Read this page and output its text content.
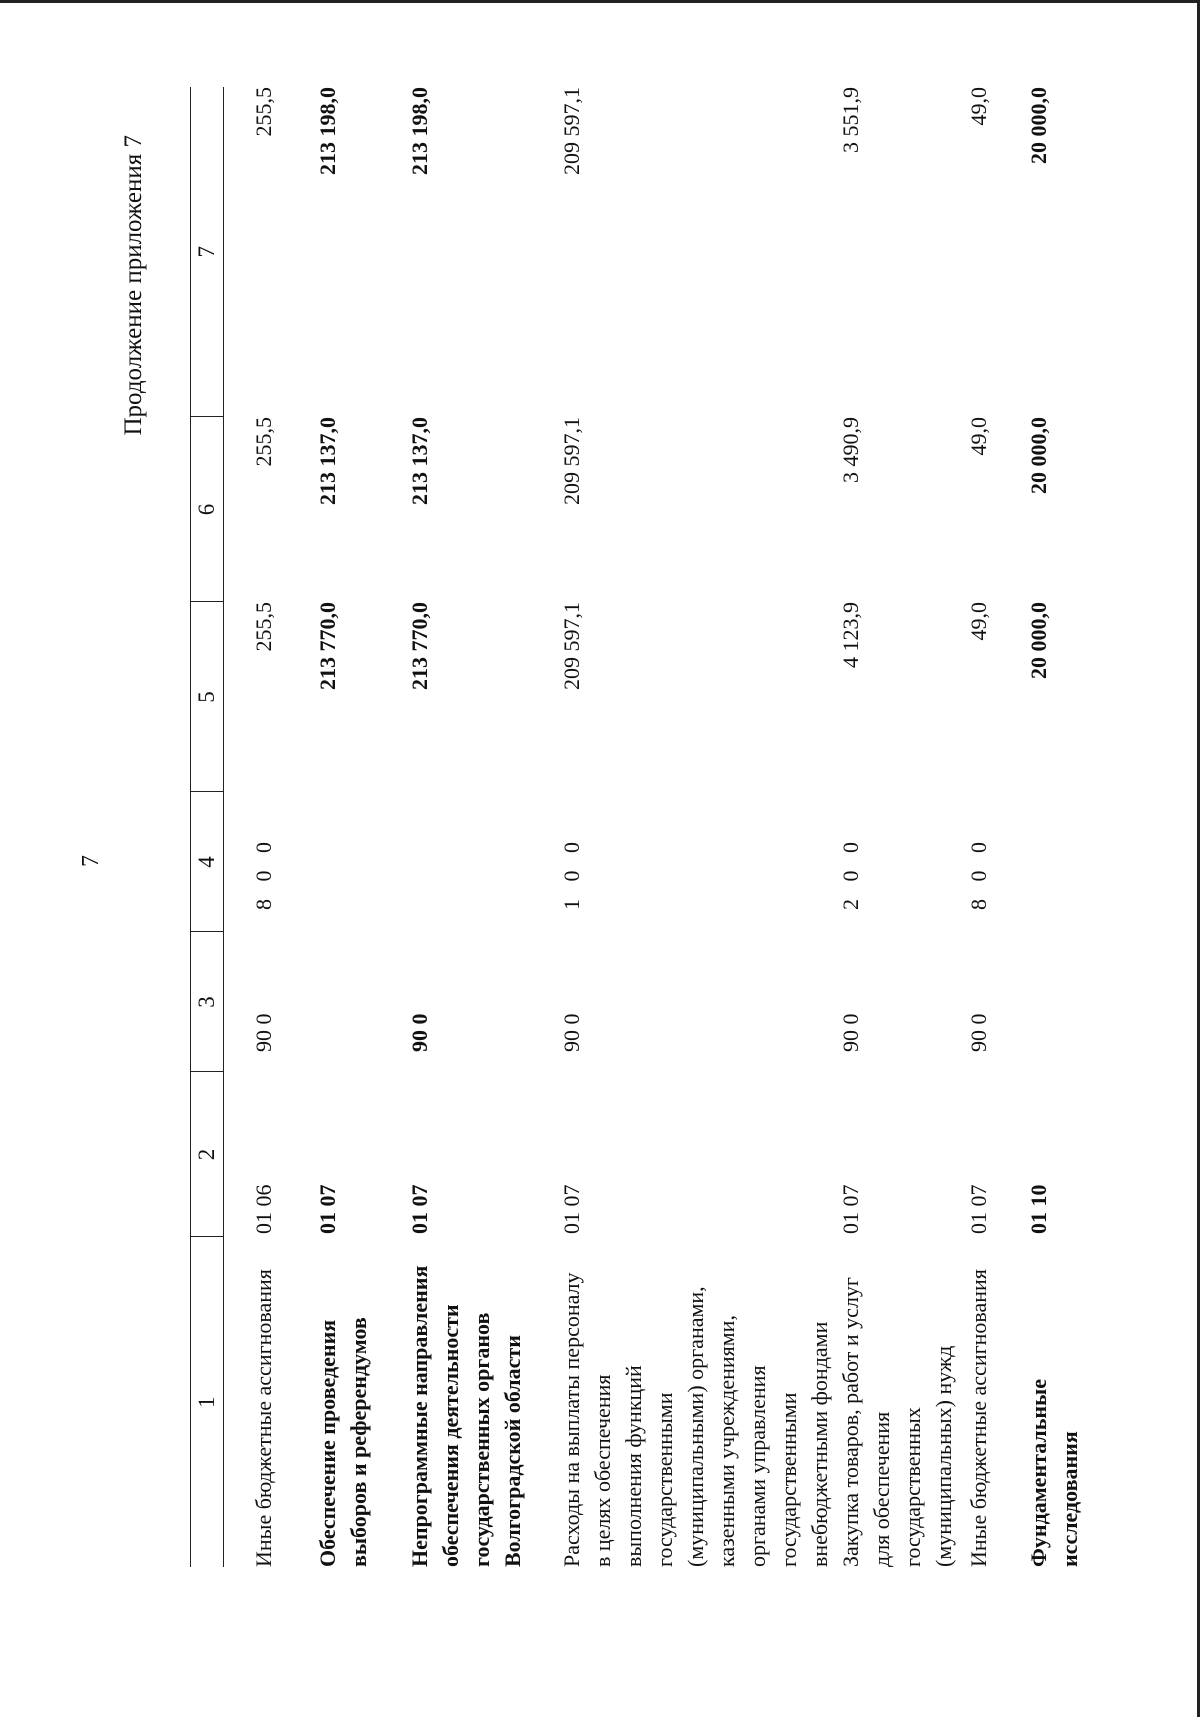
7
Продолжение приложения 7
1	2	3	4	5	6	7

Иные бюджетные ассигнования	01 06	90 0	8 0 0	255,5	255,5	255,5
Обеспечение проведения выборов и референдумов	01 07			213 770,0	213 137,0	213 198,0
Непрограммные направления обеспечения деятельности государственных органов Волгоградской области	01 07	90 0		213 770,0	213 137,0	213 198,0
Расходы на выплаты персоналу в целях обеспечения выполнения функций государственными (муниципальными) органами, казенными учреждениями, органами управления государственными внебюджетными фондами	01 07	90 0	1 0 0	209 597,1	209 597,1	209 597,1
Закупка товаров, работ и услуг для обеспечения государственных (муниципальных) нужд	01 07	90 0	2 0 0	4 123,9	3 490,9	3 551,9
Иные бюджетные ассигнования	01 07	90 0	8 0 0	49,0	49,0	49,0
Фундаментальные исследования	01 10			20 000,0	20 000,0	20 000,0
